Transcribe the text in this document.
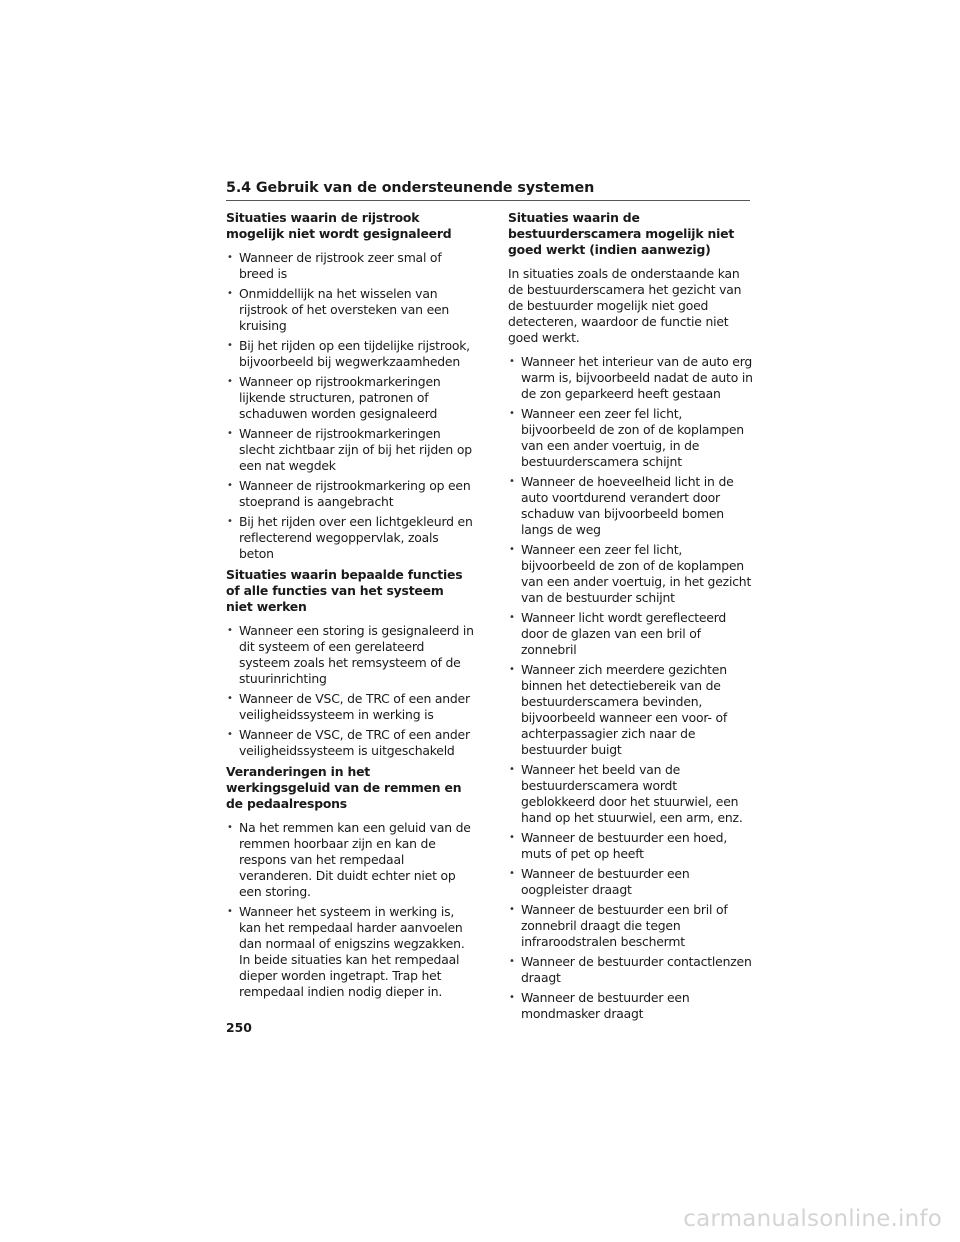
5.4 Gebruik van de ondersteunende systemen
Situaties waarin de rijstrook mogelijk niet wordt gesignaleerd
• Wanneer de rijstrook zeer smal of breed is
• Onmiddellijk na het wisselen van rijstrook of het oversteken van een kruising
• Bij het rijden op een tijdelijke rijstrook, bijvoorbeeld bij wegwerkzaamheden
• Wanneer op rijstrookmarkeringen lijkende structuren, patronen of schaduwen worden gesignaleerd
• Wanneer de rijstrookmarkeringen slecht zichtbaar zijn of bij het rijden op een nat wegdek
• Wanneer de rijstrookmarkering op een stoeprand is aangebracht
• Bij het rijden over een lichtgekleurd en reflecterend wegoppervlak, zoals beton
Situaties waarin bepaalde functies of alle functies van het systeem niet werken
• Wanneer een storing is gesignaleerd in dit systeem of een gerelateerd systeem zoals het remsysteem of de stuurinrichting
• Wanneer de VSC, de TRC of een ander veiligheidssysteem in werking is
• Wanneer de VSC, de TRC of een ander veiligheidssysteem is uitgeschakeld
Veranderingen in het werkingsgeluid van de remmen en de pedaalrespons
• Na het remmen kan een geluid van de remmen hoorbaar zijn en kan de respons van het rempedaal veranderen. Dit duidt echter niet op een storing.
• Wanneer het systeem in werking is, kan het rempedaal harder aanvoelen dan normaal of enigszins wegzakken. In beide situaties kan het rempedaal dieper worden ingetrapt. Trap het rempedaal indien nodig dieper in.
Situaties waarin de bestuurderscamera mogelijk niet goed werkt (indien aanwezig)
In situaties zoals de onderstaande kan de bestuurderscamera het gezicht van de bestuurder mogelijk niet goed detecteren, waardoor de functie niet goed werkt.
• Wanneer het interieur van de auto erg warm is, bijvoorbeeld nadat de auto in de zon geparkeerd heeft gestaan
• Wanneer een zeer fel licht, bijvoorbeeld de zon of de koplampen van een ander voertuig, in de bestuurderscamera schijnt
• Wanneer de hoeveelheid licht in de auto voortdurend verandert door schaduw van bijvoorbeeld bomen langs de weg
• Wanneer een zeer fel licht, bijvoorbeeld de zon of de koplampen van een ander voertuig, in het gezicht van de bestuurder schijnt
• Wanneer licht wordt gereflecteerd door de glazen van een bril of zonnebril
• Wanneer zich meerdere gezichten binnen het detectiebereik van de bestuurderscamera bevinden, bijvoorbeeld wanneer een voor- of achterpassagier zich naar de bestuurder buigt
• Wanneer het beeld van de bestuurderscamera wordt geblokkeerd door het stuurwiel, een hand op het stuurwiel, een arm, enz.
• Wanneer de bestuurder een hoed, muts of pet op heeft
• Wanneer de bestuurder een oogpleister draagt
• Wanneer de bestuurder een bril of zonnebril draagt die tegen infraroodstralen beschermt
• Wanneer de bestuurder contactlenzen draagt
• Wanneer de bestuurder een mondmasker draagt
250
carmanualsonline.info
